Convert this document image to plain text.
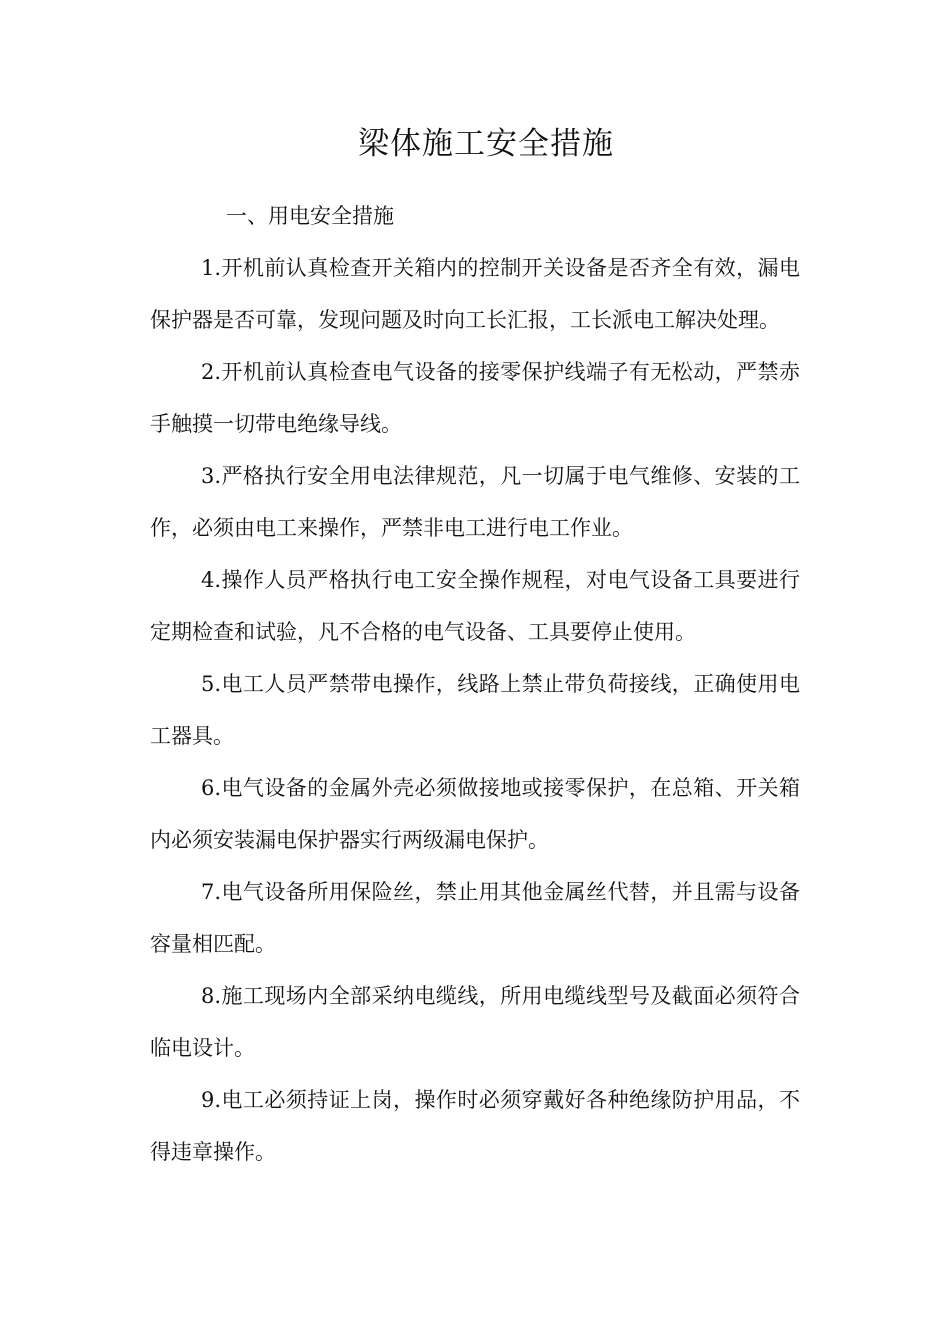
梁体施工安全措施

一、用电安全措施

1.开机前认真检查开关箱内的控制开关设备是否齐全有效，漏电保护器是否可靠，发现问题及时向工长汇报，工长派电工解决处理。

2.开机前认真检查电气设备的接零保护线端子有无松动，严禁赤手触摸一切带电绝缘导线。

3.严格执行安全用电法律规范，凡一切属于电气维修、安装的工作，必须由电工来操作，严禁非电工进行电工作业。

4.操作人员严格执行电工安全操作规程，对电气设备工具要进行定期检查和试验，凡不合格的电气设备、工具要停止使用。

5.电工人员严禁带电操作，线路上禁止带负荷接线，正确使用电工器具。

6.电气设备的金属外壳必须做接地或接零保护，在总箱、开关箱内必须安装漏电保护器实行两级漏电保护。

7.电气设备所用保险丝，禁止用其他金属丝代替，并且需与设备容量相匹配。

8.施工现场内全部采纳电缆线，所用电缆线型号及截面必须符合临电设计。

9.电工必须持证上岗，操作时必须穿戴好各种绝缘防护用品，不得违章操作。
